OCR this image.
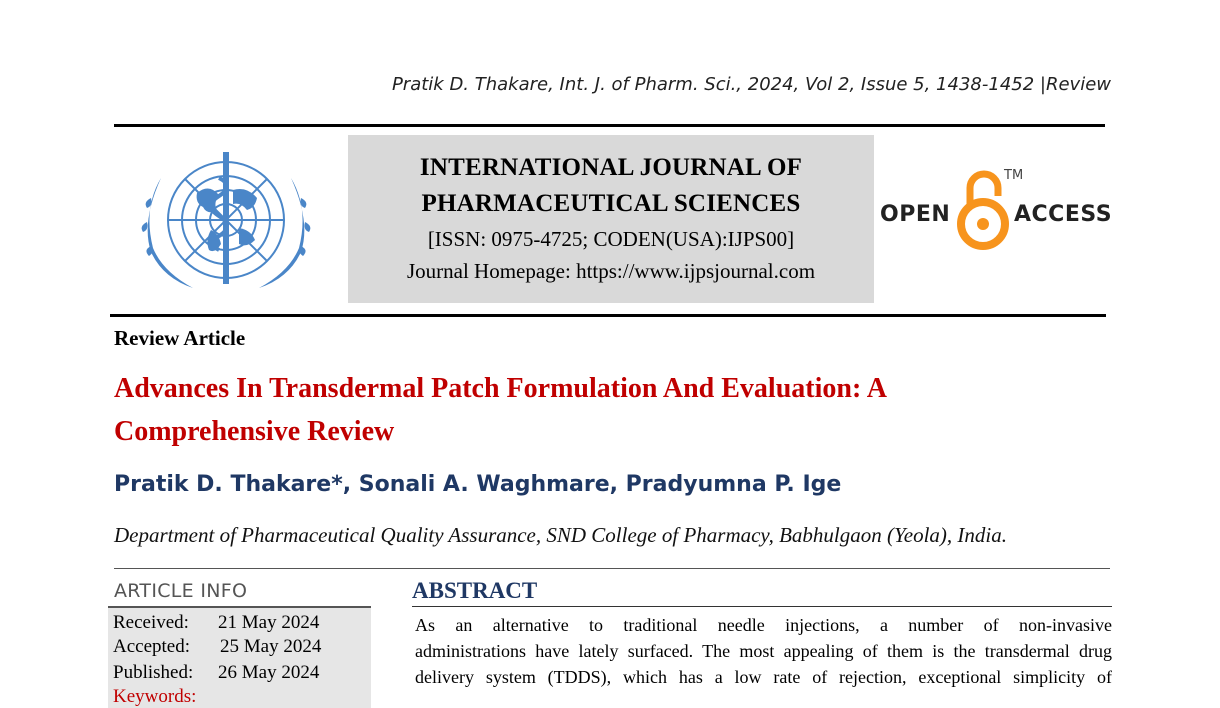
Pratik D. Thakare, Int. J. of Pharm. Sci., 2024, Vol 2, Issue 5, 1438-1452 |Review
INTERNATIONAL JOURNAL OF
PHARMACEUTICAL SCIENCES
[ISSN: 0975-4725; CODEN(USA):IJPS00]
Journal Homepage: https://www.ijpsjournal.com
OPEN
TM
ACCESS
Review Article
Advances In Transdermal Patch Formulation And Evaluation: A
Comprehensive Review
Pratik D. Thakare*, Sonali A. Waghmare, Pradyumna P. Ige
Department of Pharmaceutical Quality Assurance, SND College of Pharmacy, Babhulgaon (Yeola), India.
ARTICLE INFO
Received: 21 May 2024
Accepted: 25 May 2024
Published: 26 May 2024
Keywords:
ABSTRACT
As an alternative to traditional needle injections, a number of non-invasive
administrations have lately surfaced. The most appealing of them is the transdermal drug
delivery system (TDDS), which has a low rate of rejection, exceptional simplicity of
